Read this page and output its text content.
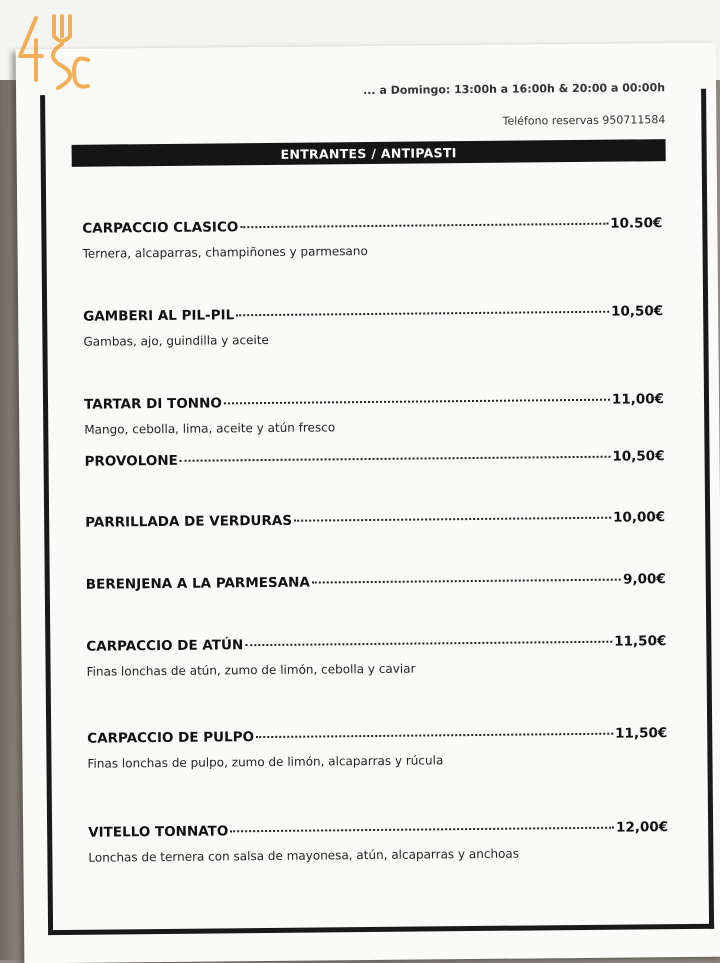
... a Domingo: 13:00h a 16:00h & 20:00 a 00:00h
Teléfono reservas 950711584
ENTRANTES / ANTIPASTI
CARPACCIO CLASICO	10.50€
Ternera, alcaparras, champiñones y parmesano
GAMBERI AL PIL-PIL	10,50€
Gambas, ajo, guindilla y aceite
TARTAR DI TONNO	11,00€
Mango, cebolla, lima, aceite y atún fresco
PROVOLONE	10,50€
PARRILLADA DE VERDURAS	10,00€
BERENJENA A LA PARMESANA	9,00€
CARPACCIO DE ATÚN	11,50€
Finas lonchas de atún, zumo de limón, cebolla y caviar
CARPACCIO DE PULPO	11,50€
Finas lonchas de pulpo, zumo de limón, alcaparras y rúcula
VITELLO TONNATO	12,00€
Lonchas de ternera con salsa de mayonesa, atún, alcaparras y anchoas
